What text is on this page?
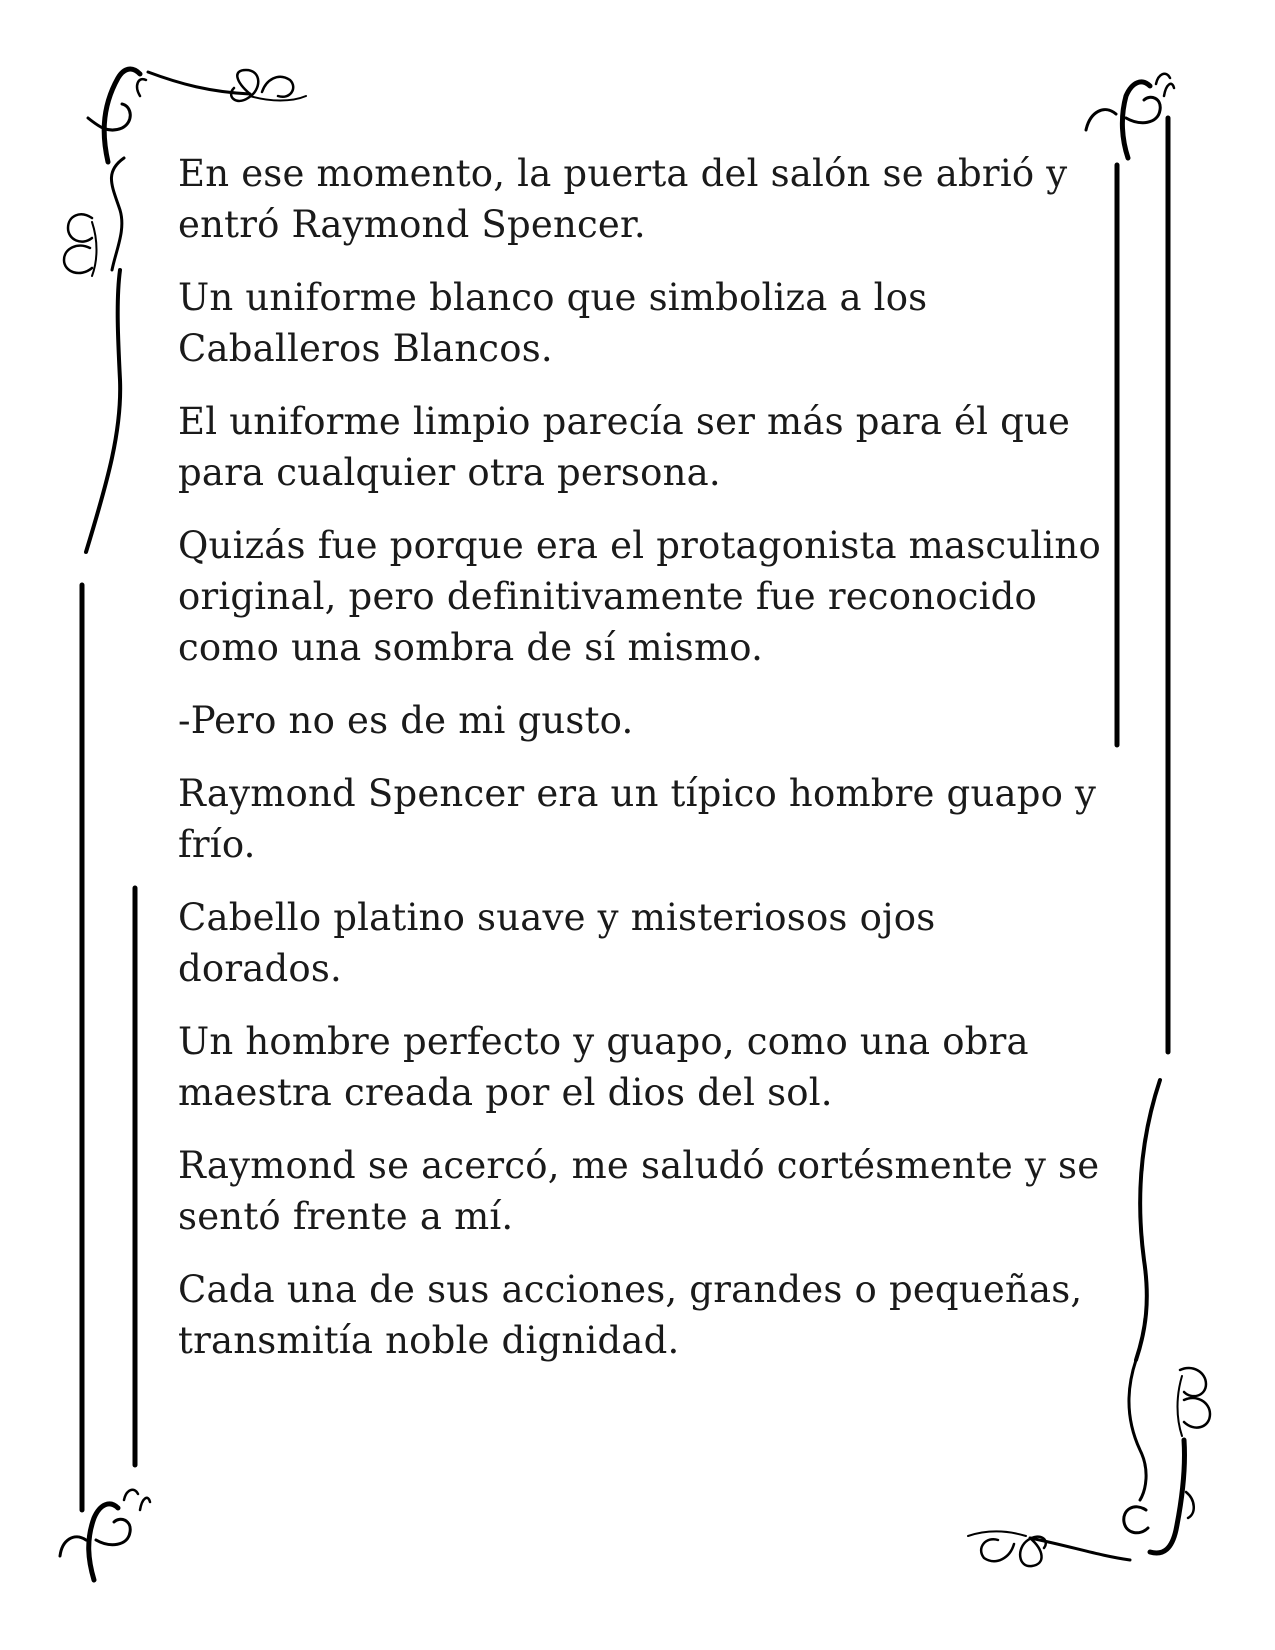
En ese momento, la puerta del salón se abrió y entró Raymond Spencer.

Un uniforme blanco que simboliza a los Caballeros Blancos.

El uniforme limpio parecía ser más para él que para cualquier otra persona.

Quizás fue porque era el protagonista masculino original, pero definitivamente fue reconocido como una sombra de sí mismo.

-Pero no es de mi gusto.

Raymond Spencer era un típico hombre guapo y frío.

Cabello platino suave y misteriosos ojos dorados.

Un hombre perfecto y guapo, como una obra maestra creada por el dios del sol.

Raymond se acercó, me saludó cortésmente y se sentó frente a mí.

Cada una de sus acciones, grandes o pequeñas, transmitía noble dignidad.
